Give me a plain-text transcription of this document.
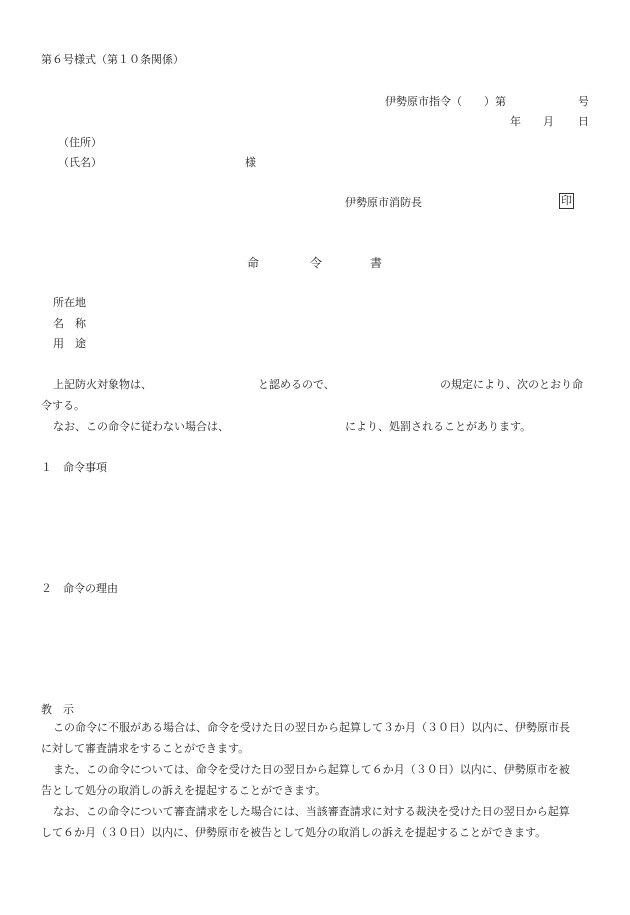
第６号様式（第１０条関係）
伊勢原市指令（ ）第	号
年 月 日
（住所）
（氏名）	様
伊勢原市消防長	印
命	令	書
所在地
名　称
用　途
上記防火対象物は、	と認めるので、	の規定により、次のとおり命
令する。
なお、この命令に従わない場合は、	により、処罰されることがあります。
１　命令事項
２　命令の理由
教　示

この命令に不服がある場合は、命令を受けた日の翌日から起算して３か月（３０日）以内に、伊勢原市長

に対して審査請求をすることができます。

また、この命令については、命令を受けた日の翌日から起算して６か月（３０日）以内に、伊勢原市を被

告として処分の取消しの訴えを提起することができます。

なお、この命令について審査請求をした場合には、当該審査請求に対する裁決を受けた日の翌日から起算

して６か月（３０日）以内に、伊勢原市を被告として処分の取消しの訴えを提起することができます。
